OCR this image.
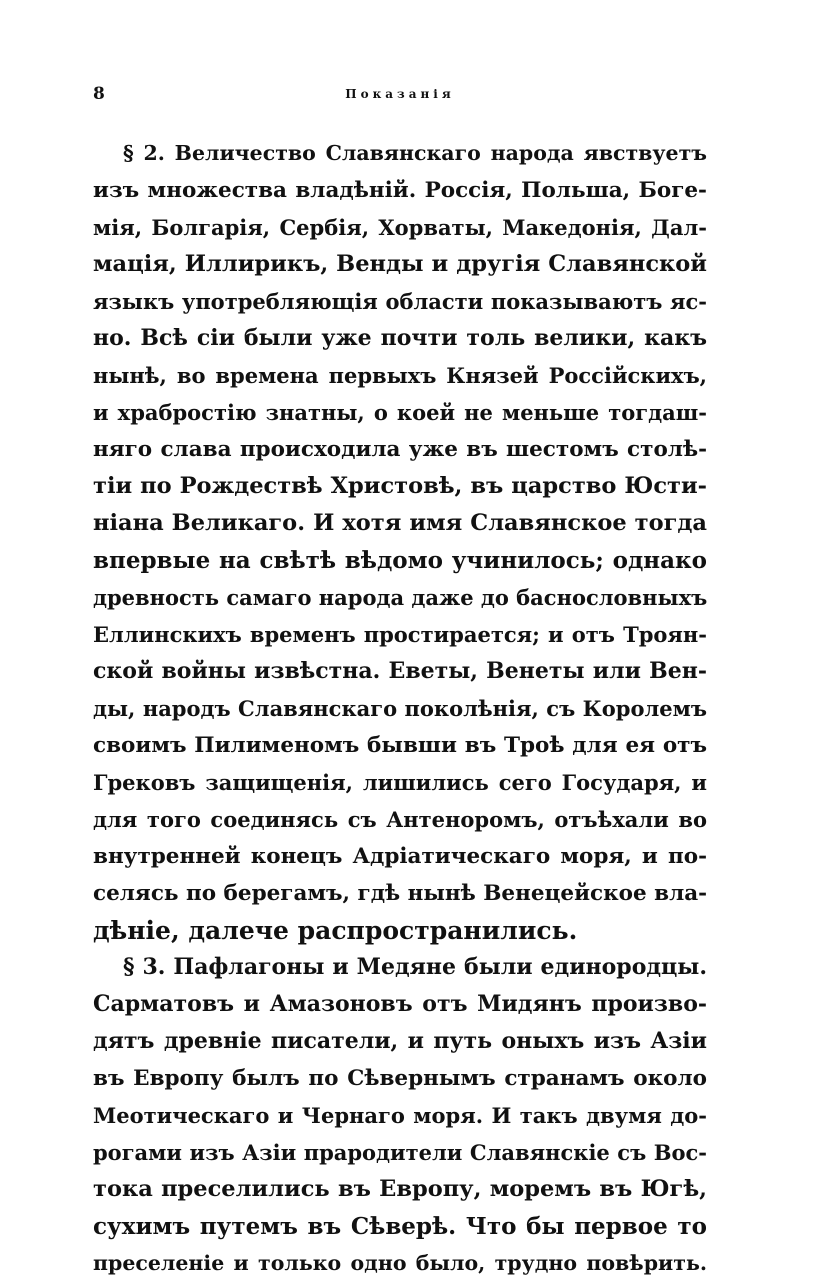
8	Показанія
§ 2. Величество Славянскаго народа явствуетъ
изъ множества владѣній. Россія, Польша, Боге-
мія, Болгарія, Сербія, Хорваты, Македонія, Дал-
мація, Иллирикъ, Венды и другія Славянской
языкъ употребляющія области показываютъ яс-
но. Всѣ сіи были уже почти толь велики, какъ
нынѣ, во времена первыхъ Князей Россійскихъ,
и храбростію знатны, о коей не меньше тогдаш-
няго слава происходила уже въ шестомъ столѣ-
тіи по Рождествѣ Христовѣ, въ царство Юсти-
ніана Великаго. И хотя имя Славянское тогда
впервые на свѣтѣ вѣдомо учинилось; однако
древность самаго народа даже до баснословныхъ
Еллинскихъ временъ простирается; и отъ Троян-
ской войны извѣстна. Еветы, Венеты или Вен-
ды, народъ Славянскаго поколѣнія, съ Королемъ
своимъ Пилименомъ бывши въ Троѣ для ея отъ
Грековъ защищенія, лишились сего Государя, и
для того соединясь съ Антеноромъ, отъѣхали во
внутренней конецъ Адріатическаго моря, и по-
селясь по берегамъ, гдѣ нынѣ Венецейское вла-
дѣніе, далече распространились.
§ 3. Пафлагоны и Медяне были единородцы.
Сарматовъ и Амазоновъ отъ Мидянъ произво-
дятъ древніе писатели, и путь оныхъ изъ Азіи
въ Европу былъ по Сѣвернымъ странамъ около
Меотическаго и Чернаго моря. И такъ двумя до-
рогами изъ Азіи прародители Славянскіе съ Вос-
тока преселились въ Европу, моремъ въ Югѣ,
сухимъ путемъ въ Сѣверѣ. Что бы первое то
преселеніе и только одно было, трудно повѣрить.
